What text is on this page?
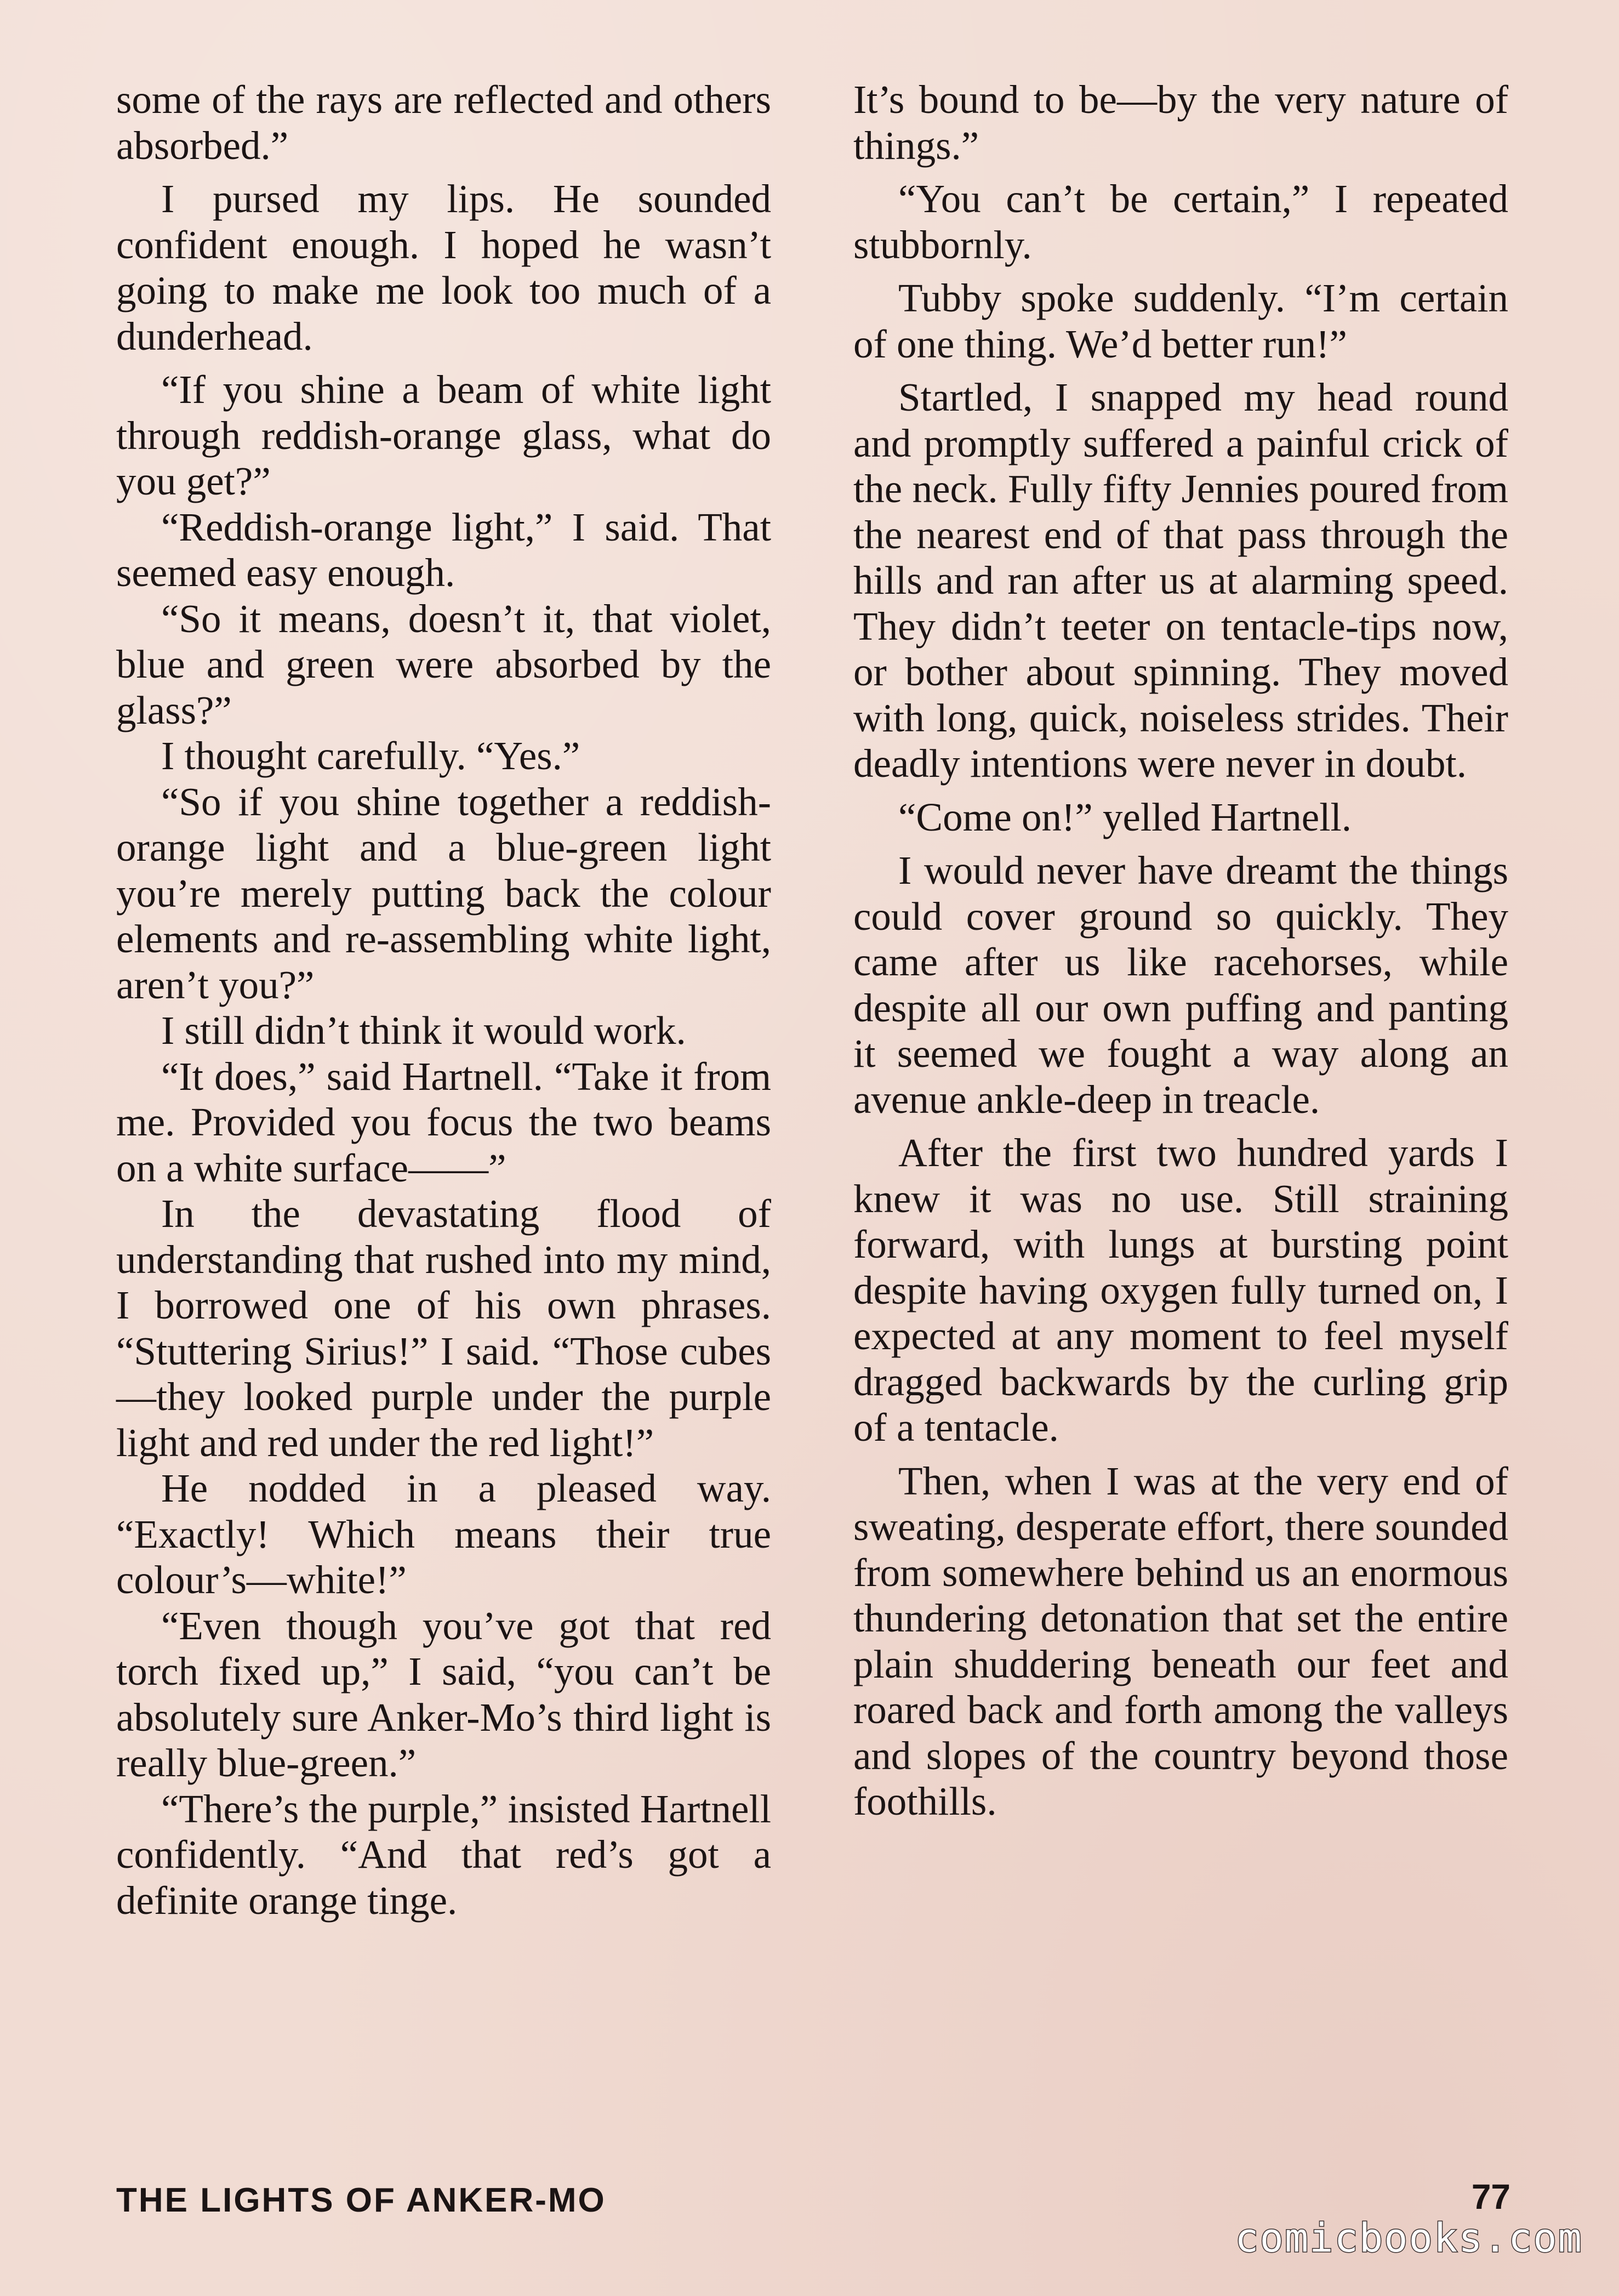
some of the rays are reflected and others absorbed.”

I pursed my lips. He sounded confident enough. I hoped he wasn’t going to make me look too much of a dunderhead.

“If you shine a beam of white light through reddish-orange glass, what do you get?”

“Reddish-orange light,” I said. That seemed easy enough.

“So it means, doesn’t it, that violet, blue and green were absorbed by the glass?”

I thought carefully. “Yes.”

“So if you shine together a reddish-orange light and a blue-green light you’re merely putting back the colour elements and re-assembling white light, aren’t you?”

I still didn’t think it would work.

“It does,” said Hartnell. “Take it from me. Provided you focus the two beams on a white surface——”

In the devastating flood of understanding that rushed into my mind, I borrowed one of his own phrases. “Stuttering Sirius!” I said. “Those cubes—they looked purple under the purple light and red under the red light!”

He nodded in a pleased way. “Exactly! Which means their true colour’s—white!”

“Even though you’ve got that red torch fixed up,” I said, “you can’t be absolutely sure Anker-Mo’s third light is really blue-green.”

“There’s the purple,” insisted Hartnell confidently. “And that red’s got a definite orange tinge.

It’s bound to be—by the very nature of things.”

“You can’t be certain,” I repeated stubbornly.

Tubby spoke suddenly. “I’m certain of one thing. We’d better run!”

Startled, I snapped my head round and promptly suffered a painful crick of the neck. Fully fifty Jennies poured from the nearest end of that pass through the hills and ran after us at alarming speed. They didn’t teeter on tentacle-tips now, or bother about spinning. They moved with long, quick, noiseless strides. Their deadly intentions were never in doubt.

“Come on!” yelled Hartnell.

I would never have dreamt the things could cover ground so quickly. They came after us like racehorses, while despite all our own puffing and panting it seemed we fought a way along an avenue ankle-deep in treacle.

After the first two hundred yards I knew it was no use. Still straining forward, with lungs at bursting point despite having oxygen fully turned on, I expected at any moment to feel myself dragged backwards by the curling grip of a tentacle.

Then, when I was at the very end of sweating, desperate effort, there sounded from somewhere behind us an enormous thundering detonation that set the entire plain shuddering beneath our feet and roared back and forth among the valleys and slopes of the country beyond those foothills.

THE LIGHTS OF ANKER-MO	77
comicbooks.com
